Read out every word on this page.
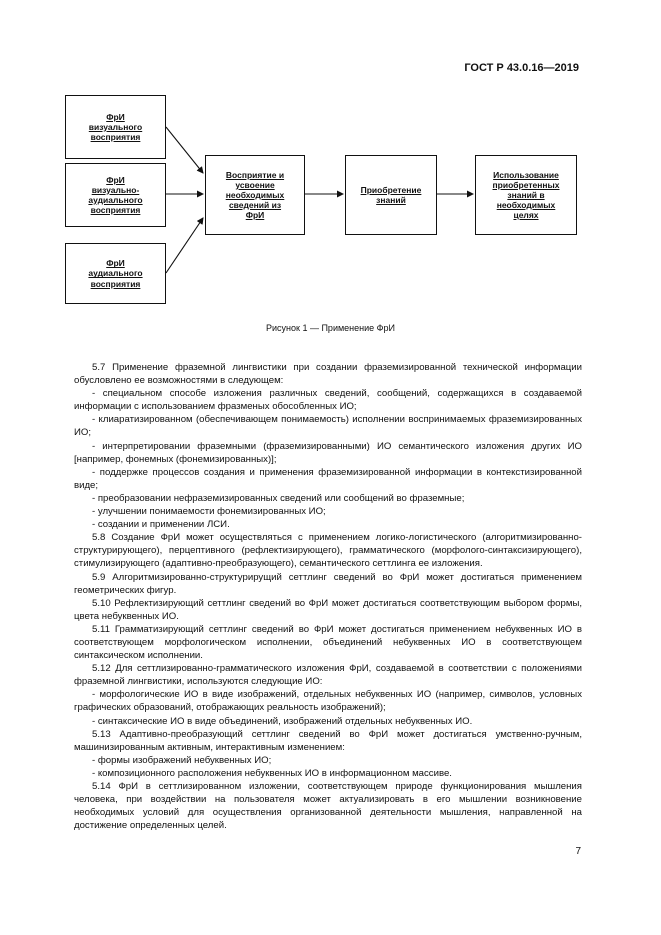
ГОСТ Р 43.0.16—2019
ФрИ
визуального
восприятия
ФрИ
визуально-
аудиального
восприятия
ФрИ
аудиального
восприятия
Восприятие и
усвоение
необходимых
сведений из
ФрИ
Приобретение
знаний
Использование
приобретенных
знаний в
необходимых
целях
Рисунок 1 — Применение ФрИ

5.7 Применение фраземной лингвистики при создании фраземизированной технической информации обусловлено ее возможностями в следующем:

- специальном способе изложения различных сведений, сообщений, содержащихся в создаваемой информации с использованием фразменых обособленных ИО;

- клиаратизированном (обеспечивающем понимаемость) исполнении воспринимаемых фраземизированных ИО;

- интерпретировании фраземными (фраземизированными) ИО семантического изложения других ИО [например, фонемных (фонемизированных)];

- поддержке процессов создания и применения фраземизированной информации в контекстизированной виде;

- преобразовании нефраземизированных сведений или сообщений во фраземные;

- улучшении понимаемости фонемизированных ИО;

- создании и применении ЛСИ.

5.8 Создание ФрИ может осуществляться с применением логико-логистического (алгоритмизированно-структурирующего), перцептивного (рефлектизирующего), грамматического (морфолого-синтаксизирующего), стимулизирующего (адаптивно-преобразующего), семантического сеттлинга ее изложения.

5.9 Алгоритмизированно-структурирущий сеттлинг сведений во ФрИ может достигаться применением геометрических фигур.

5.10 Рефлектизирующий сеттлинг сведений во ФрИ может достигаться соответствующим выбором формы, цвета небуквенных ИО.

5.11 Грамматизирующий сеттлинг сведений во ФрИ может достигаться применением небуквенных ИО в соответствующем морфологическом исполнении, объединений небуквенных ИО в соответствующем синтаксическом исполнении.

5.12 Для сеттлизированно-грамматического изложения ФрИ, создаваемой в соответствии с положениями фраземной лингвистики, используются следующие ИО:

- морфологические ИО в виде изображений, отдельных небуквенных ИО (например, символов, условных графических образований, отображающих реальность изображений);

- синтаксические ИО в виде объединений, изображений отдельных небуквенных ИО.

5.13 Адаптивно-преобразующий сеттлинг сведений во ФрИ может достигаться умственно-ручным, машинизированным активным, интерактивным изменением:

- формы изображений небуквенных ИО;

- композиционного расположения небуквенных ИО в информационном массиве.

5.14 ФрИ в сеттлизированном изложении, соответствующем природе функционирования мышления человека, при воздействии на пользователя может актуализировать в его мышлении возникновение необходимых условий для осуществления организованной деятельности мышления, направленной на достижение определенных целей.

7
